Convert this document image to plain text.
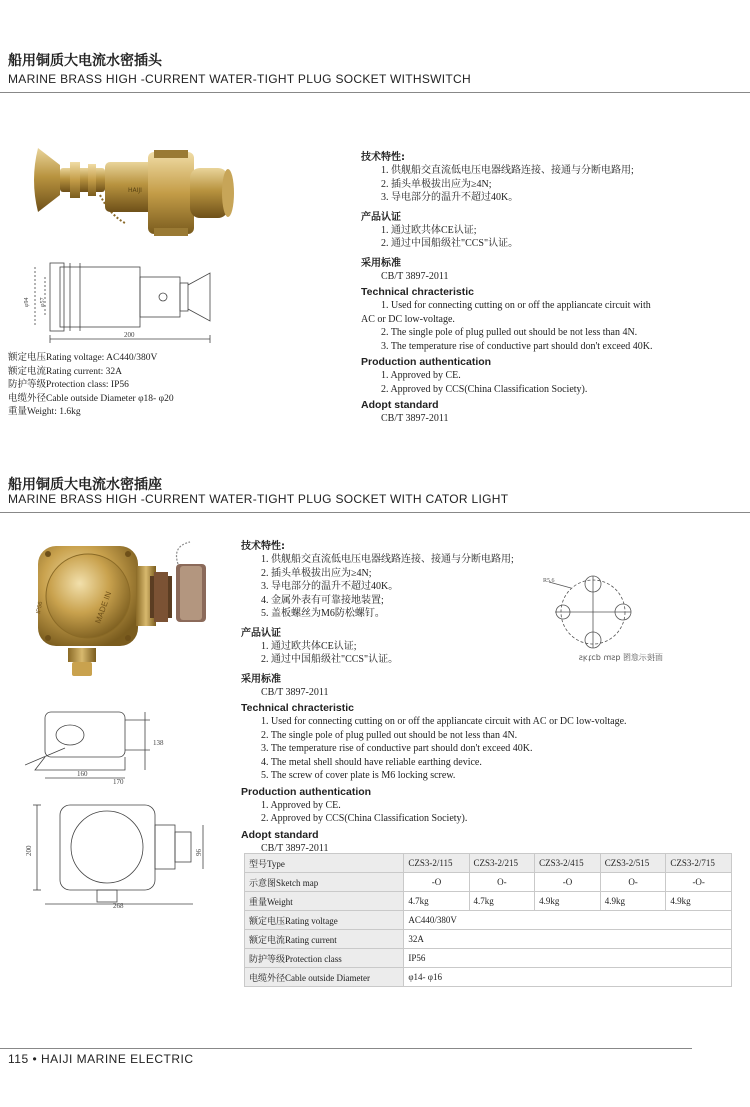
船用铜质大电流水密插头
MARINE BRASS HIGH -CURRENT WATER-TIGHT PLUG SOCKET WITHSWITCH
HAIJI
φ94 φ57
200
额定电压Rating voltage: AC440/380V
额定电流Rating current: 32A
防护等级Protection class: IP56
电缆外径Cable outside Diameter φ18- φ20
重量Weight: 1.6kg
技术特性:
1. 供舰船交直流低电压电器线路连接、接通与分断电路用;
2. 插头单极拔出应为≥4N;
3. 导电部分的温升不超过40K。
产品认证
1. 通过欧共体CE认证;
2. 通过中国船级社"CCS"认证。
采用标准
CB/T 3897-2011
Technical chracteristic
1. Used for connecting cutting on or off the appliancate circuit with
AC or DC low-voltage.
2. The single pole of plug pulled out should be not less than 4N.
3. The temperature rise of conductive part should don't exceed 40K.
Production authentication
1. Approved by CE.
2. Approved by CCS(China Classification Society).
Adopt standard
CB/T 3897-2011
船用铜质大电流水密插座
MARINE BRASS HIGH -CURRENT WATER-TIGHT PLUG SOCKET WITH CATOR LIGHT
MADE IN
IP56
160
138
170
200
268
96
R5.6
面接示意图 qsm dɔʇʞs
技术特性:
1. 供舰船交直流低电压电器线路连接、接通与分断电路用;
2. 插头单极拔出应为≥4N;
3. 导电部分的温升不超过40K。
4. 金属外表有可靠接地装置;
5. 盖板螺丝为M6防松螺钉。
产品认证
1. 通过欧共体CE认证;
2. 通过中国船级社"CCS"认证。
采用标准
CB/T 3897-2011
Technical chracteristic
1. Used for connecting cutting on or off the appliancate circuit with AC or DC low-voltage.
2. The single pole of plug pulled out should be not less than 4N.
3. The temperature rise of conductive part should don't exceed 40K.
4. The metal shell should have reliable earthing device.
5. The screw of cover plate is M6 locking screw.
Production authentication
1. Approved by CE.
2. Approved by CCS(China Classification Society).
Adopt standard
CB/T 3897-2011
型号Type	CZS3-2/115	CZS3-2/215	CZS3-2/415	CZS3-2/515	CZS3-2/715
示意图Sketch map	-O	O-	-O	O-	-O-
重量Weight	4.7kg	4.7kg	4.9kg	4.9kg	4.9kg
额定电压Rating voltage	AC440/380V				
额定电流Rating current	32A				
防护等级Protection class	IP56				
电缆外径Cable outside Diameter	φ14- φ16				
115 • HAIJI MARINE ELECTRIC
